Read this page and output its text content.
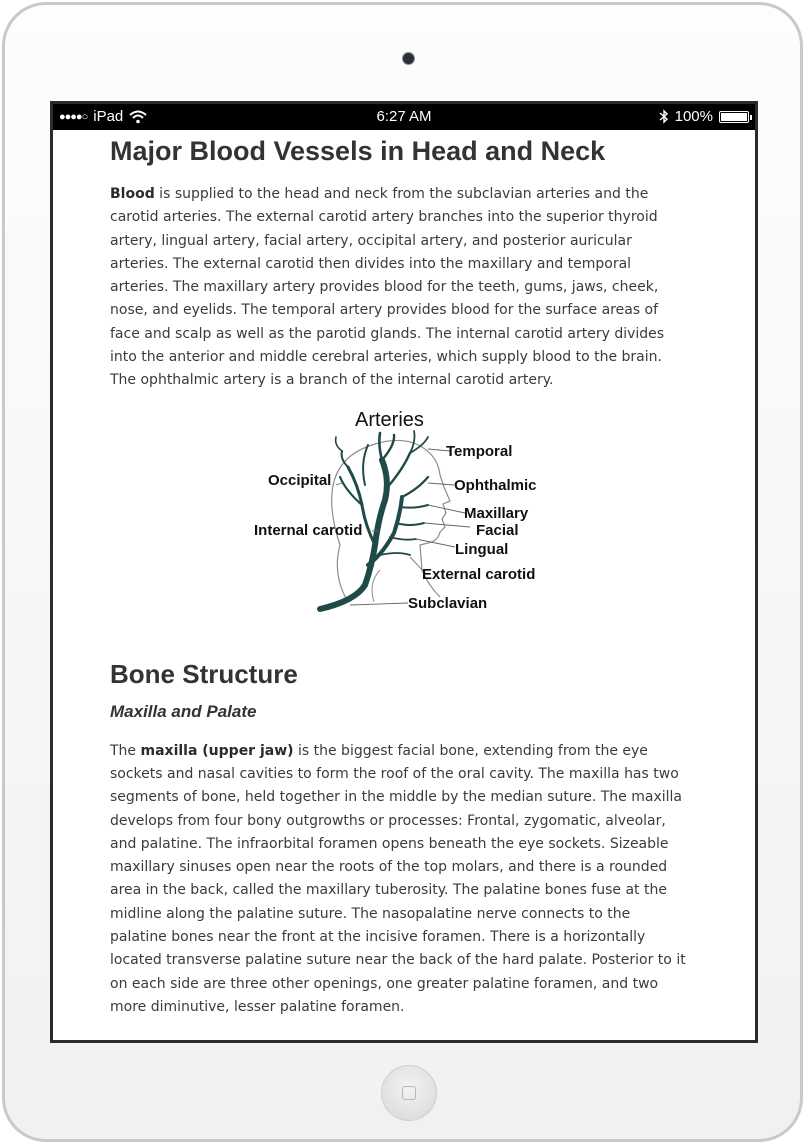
●●●●○ iPad	6:27 AM	100%
Major Blood Vessels in Head and Neck

Blood is supplied to the head and neck from the subclavian arteries and the carotid arteries. The external carotid artery branches into the superior thyroid artery, lingual artery, facial artery, occipital artery, and posterior auricular arteries. The external carotid then divides into the maxillary and temporal arteries. The maxillary artery provides blood for the teeth, gums, jaws, cheek, nose, and eyelids. The temporal artery provides blood for the surface areas of face and scalp as well as the parotid glands. The internal carotid artery divides into the anterior and middle cerebral arteries, which supply blood to the brain. The ophthalmic artery is a branch of the internal carotid artery.

Arteries
Temporal
Occipital	Ophthalmic
Maxillary
Internal carotid	Facial
Lingual
External carotid
Subclavian
Bone Structure
Maxilla and Palate

The maxilla (upper jaw) is the biggest facial bone, extending from the eye sockets and nasal cavities to form the roof of the oral cavity. The maxilla has two segments of bone, held together in the middle by the median suture. The maxilla develops from four bony outgrowths or processes: Frontal, zygomatic, alveolar, and palatine. The infraorbital foramen opens beneath the eye sockets. Sizeable maxillary sinuses open near the roots of the top molars, and there is a rounded area in the back, called the maxillary tuberosity. The palatine bones fuse at the midline along the palatine suture. The nasopalatine nerve connects to the palatine bones near the front at the incisive foramen. There is a horizontally located transverse palatine suture near the back of the hard palate. Posterior to it on each side are three other openings, one greater palatine foramen, and two more diminutive, lesser palatine foramen.
